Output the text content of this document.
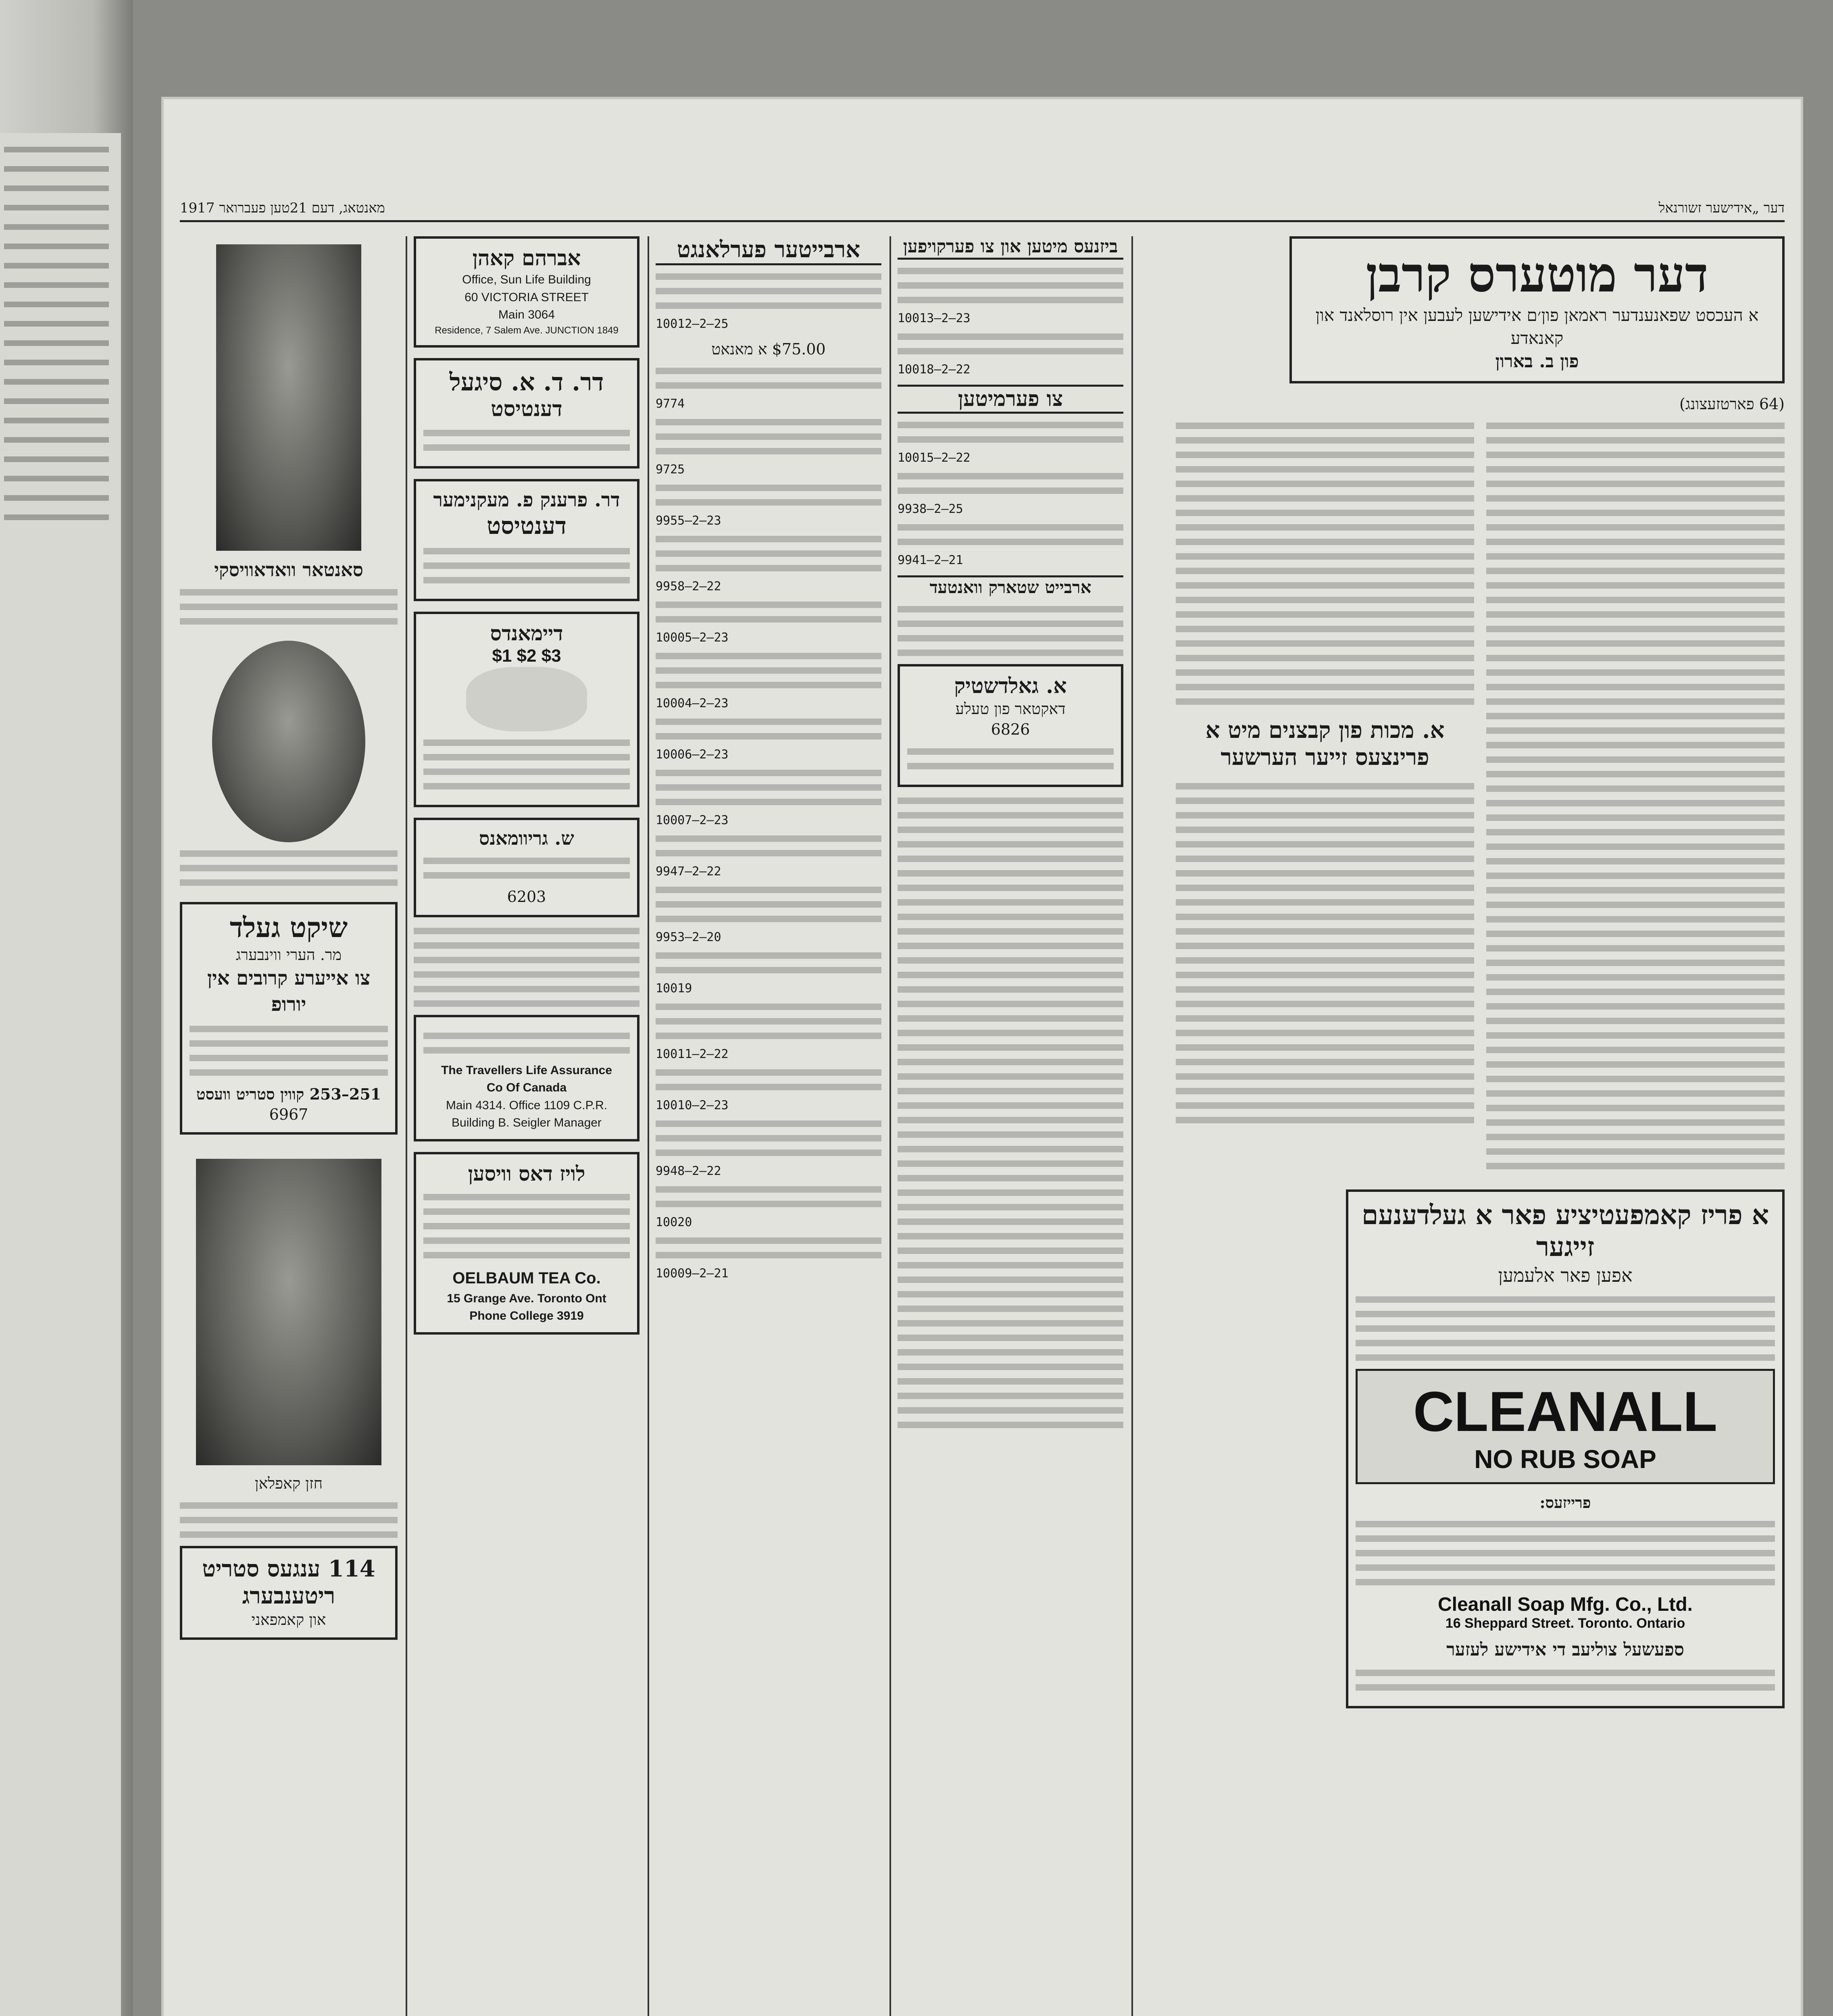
מאנטאג, דעם 21טען פעברואר 1917	דער „אידישער זשורנאל
סאנטאר וואדאוויסקי
שיקט געלד
מר. הערי ווינבערג
צו אייערע קרובים אין יורופ
251–253 קווין סטריט וועסט
6967
חזן קאפלאן
114 ענגעס סטריט
ריטענבערג
און קאמפאני
אברהם קאהן
Office, Sun Life Building
60 VICTORIA STREET
Main 3064
Residence, 7 Salem Ave. JUNCTION 1849
דר. ד. א. סיגעל
דענטיסט
דר. פרענק פ. מעקנימער
דענטיסט
דיימאנדס
$1 $2 $3
ש. גריוומאנס
6203
The Travellers Life Assurance
Co Of Canada
Main 4314. Office 1109 C.P.R. Building B. Seigler Manager
לויז דאס וויסען
OELBAUM TEA Co.
15 Grange Ave. Toronto Ont
Phone College 3919
ארבייטער פערלאנגט
10012—2—25
$75.00 א מאנאט
9774
9725
9955—2—23
9958—2—22
10005—2—23
10004—2—23
10006—2—23
10007—2—23
9947—2—22
9953—2—20
10019
10011—2—22
10010—2—23
9948—2—22
10020
10009—2—21
ביזנעס מיטען און צו פערקויפען
10013—2—23
10018—2—22
צו פערמיטען
10015—2—22
9938—2—25
9941—2—21
ארבייט שטארק וואנטעד
א. גאלדשטיק
דאקטאר פון טעלע
6826
דער מוטערס קרבן
א העכסט שפאנענדער ראמאן פון׳ם אידישען לעבען אין רוסלאנד און קאנאדע
פון ב. בארון
(64 פארטזעצונג)
א. מכות פון קבצנים מיט א פרינצעס זייער הערשער
א פריז קאמפעטיציע פאר א געלדענעם זייגער
אפען פאר אלעמען
CLEANALL
NO RUB SOAP
פרייזעס:
Cleanall Soap Mfg. Co., Ltd.
16 Sheppard Street. Toronto. Ontario
ספעשעל צוליעב די אידישע לעזער
